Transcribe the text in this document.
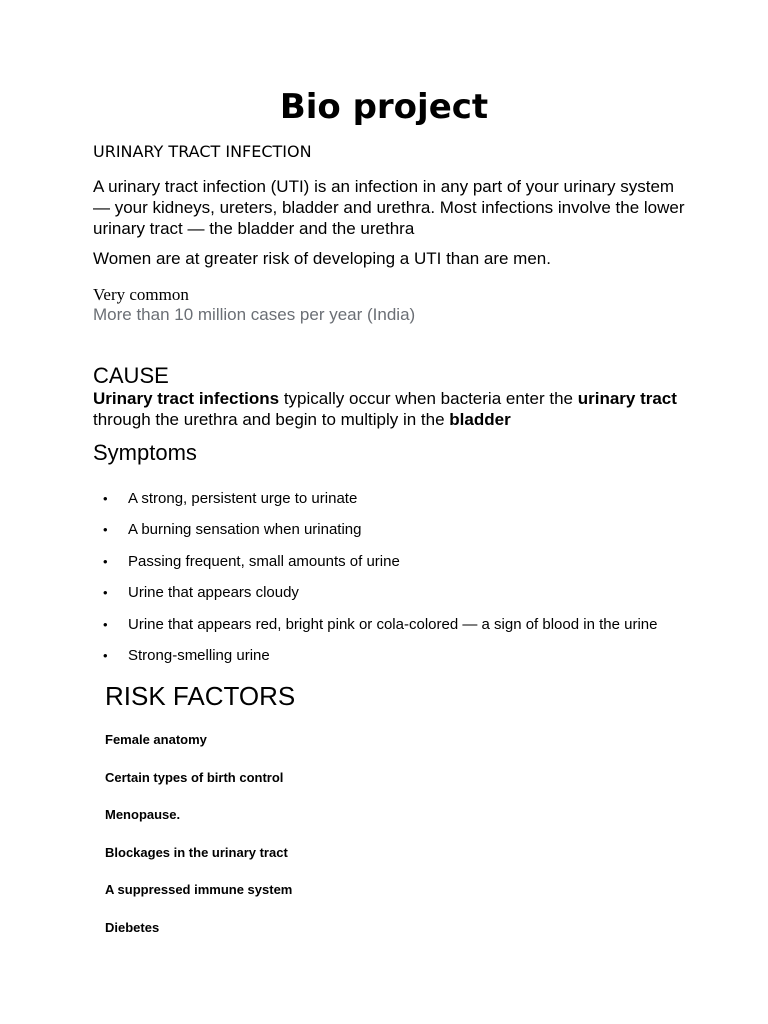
Bio project

URINARY TRACT INFECTION

A urinary tract infection (UTI) is an infection in any part of your urinary system — your kidneys, ureters, bladder and urethra. Most infections involve the lower urinary tract — the bladder and the urethra

Women are at greater risk of developing a UTI than are men.

Very common

More than 10 million cases per year (India)

CAUSE

Urinary tract infections typically occur when bacteria enter the urinary tract through the urethra and begin to multiply in the bladder

Symptoms
• A strong, persistent urge to urinate
• A burning sensation when urinating
• Passing frequent, small amounts of urine
• Urine that appears cloudy
• Urine that appears red, bright pink or cola-colored — a sign of blood in the urine
• Strong-smelling urine
RISK FACTORS
Female anatomy
Certain types of birth control
Menopause.
Blockages in the urinary tract
A suppressed immune system
Diebetes
